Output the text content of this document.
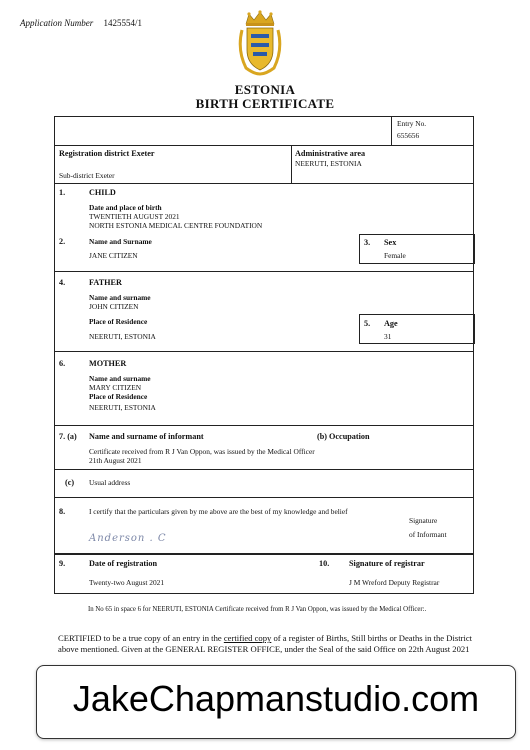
Application Number 1425554/1
ESTONIA
BIRTH CERTIFICATE
Entry No.
655656
Registration district Exeter
Sub-district Exeter
Administrative area
NEERUTI, ESTONIA
1.	CHILD
Date and place of birth
TWENTIETH AUGUST 2021
NORTH ESTONIA MEDICAL CENTRE FOUNDATION
2.	Name and Surname
JANE CITIZEN
3. Sex
Female
4.	FATHER
Name and surname
JOHN CITIZEN
Place of Residence
NEERUTI, ESTONIA
5. Age
31
6.	MOTHER
Name and surname
MARY CITIZEN
Place of Residence
NEERUTI, ESTONIA
7. (a) Name and surname of informant	(b) Occupation
Certificate received from R J Van Oppon, was issued by the Medical Officer
21th August 2021
(c) Usual address
8.	I certify that the particulars given by me above are the best of my knowledge and belief
Anderson . C
Signature
of Informant
9.	Date of registration
Twenty-two August 2021
10. Signature of registrar
J M Wreford Deputy Registrar
In No 65 in space 6 for NEERUTI, ESTONIA Certificate received from R J Van Oppon, was issued by the Medical Officer:.
CERTIFIED to be a true copy of an entry in the certified copy of a register of Births, Still births or Deaths in the District above mentioned. Given at the GENERAL REGISTER OFFICE, under the Seal of the said Office on 22th August 2021
JakeChapmanstudio.com
